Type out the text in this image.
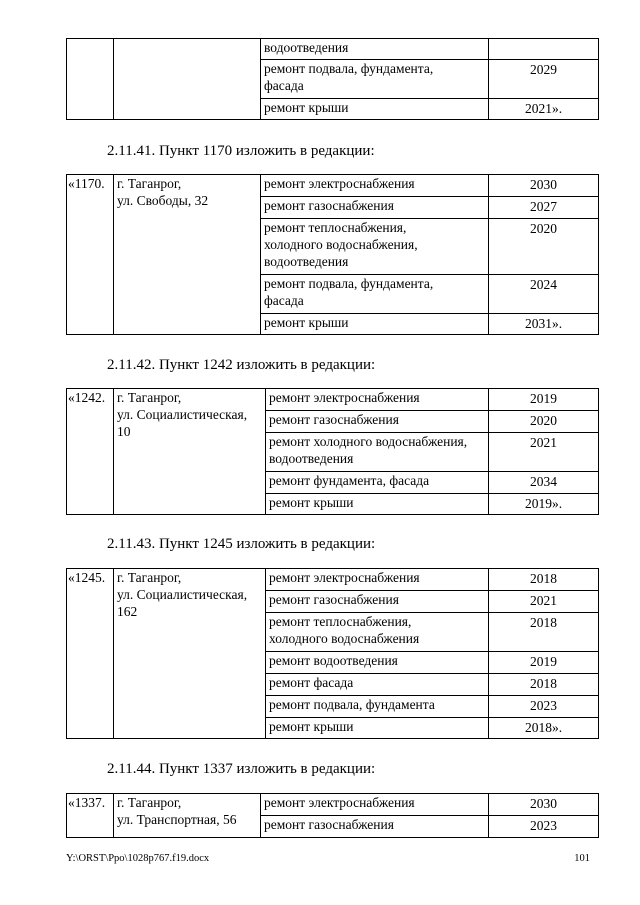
		водоотведения	
		ремонт подвала, фундамента,
фасада	2029
		ремонт крыши	2021».
2.11.41. Пункт 1170 изложить в редакции:
«1170.	г. Таганрог,
ул. Свободы, 32	ремонт электроснабжения	2030
		ремонт газоснабжения	2027
		ремонт теплоснабжения,
холодного водоснабжения,
водоотведения	2020
		ремонт подвала, фундамента,
фасада	2024
		ремонт крыши	2031».
2.11.42. Пункт 1242 изложить в редакции:
«1242.	г. Таганрог,
ул. Социалистическая,
10	ремонт электроснабжения	2019
		ремонт газоснабжения	2020
		ремонт холодного водоснабжения,
водоотведения	2021
		ремонт фундамента, фасада	2034
		ремонт крыши	2019».
2.11.43. Пункт 1245 изложить в редакции:
«1245.	г. Таганрог,
ул. Социалистическая,
162	ремонт электроснабжения	2018
		ремонт газоснабжения	2021
		ремонт теплоснабжения,
холодного водоснабжения	2018
		ремонт водоотведения	2019
		ремонт фасада	2018
		ремонт подвала, фундамента	2023
		ремонт крыши	2018».
2.11.44. Пункт 1337 изложить в редакции:
«1337.	г. Таганрог,
ул. Транспортная, 56	ремонт электроснабжения	2030
		ремонт газоснабжения	2023
Y:\ORST\Ppo\1028p767.f19.docx	101
